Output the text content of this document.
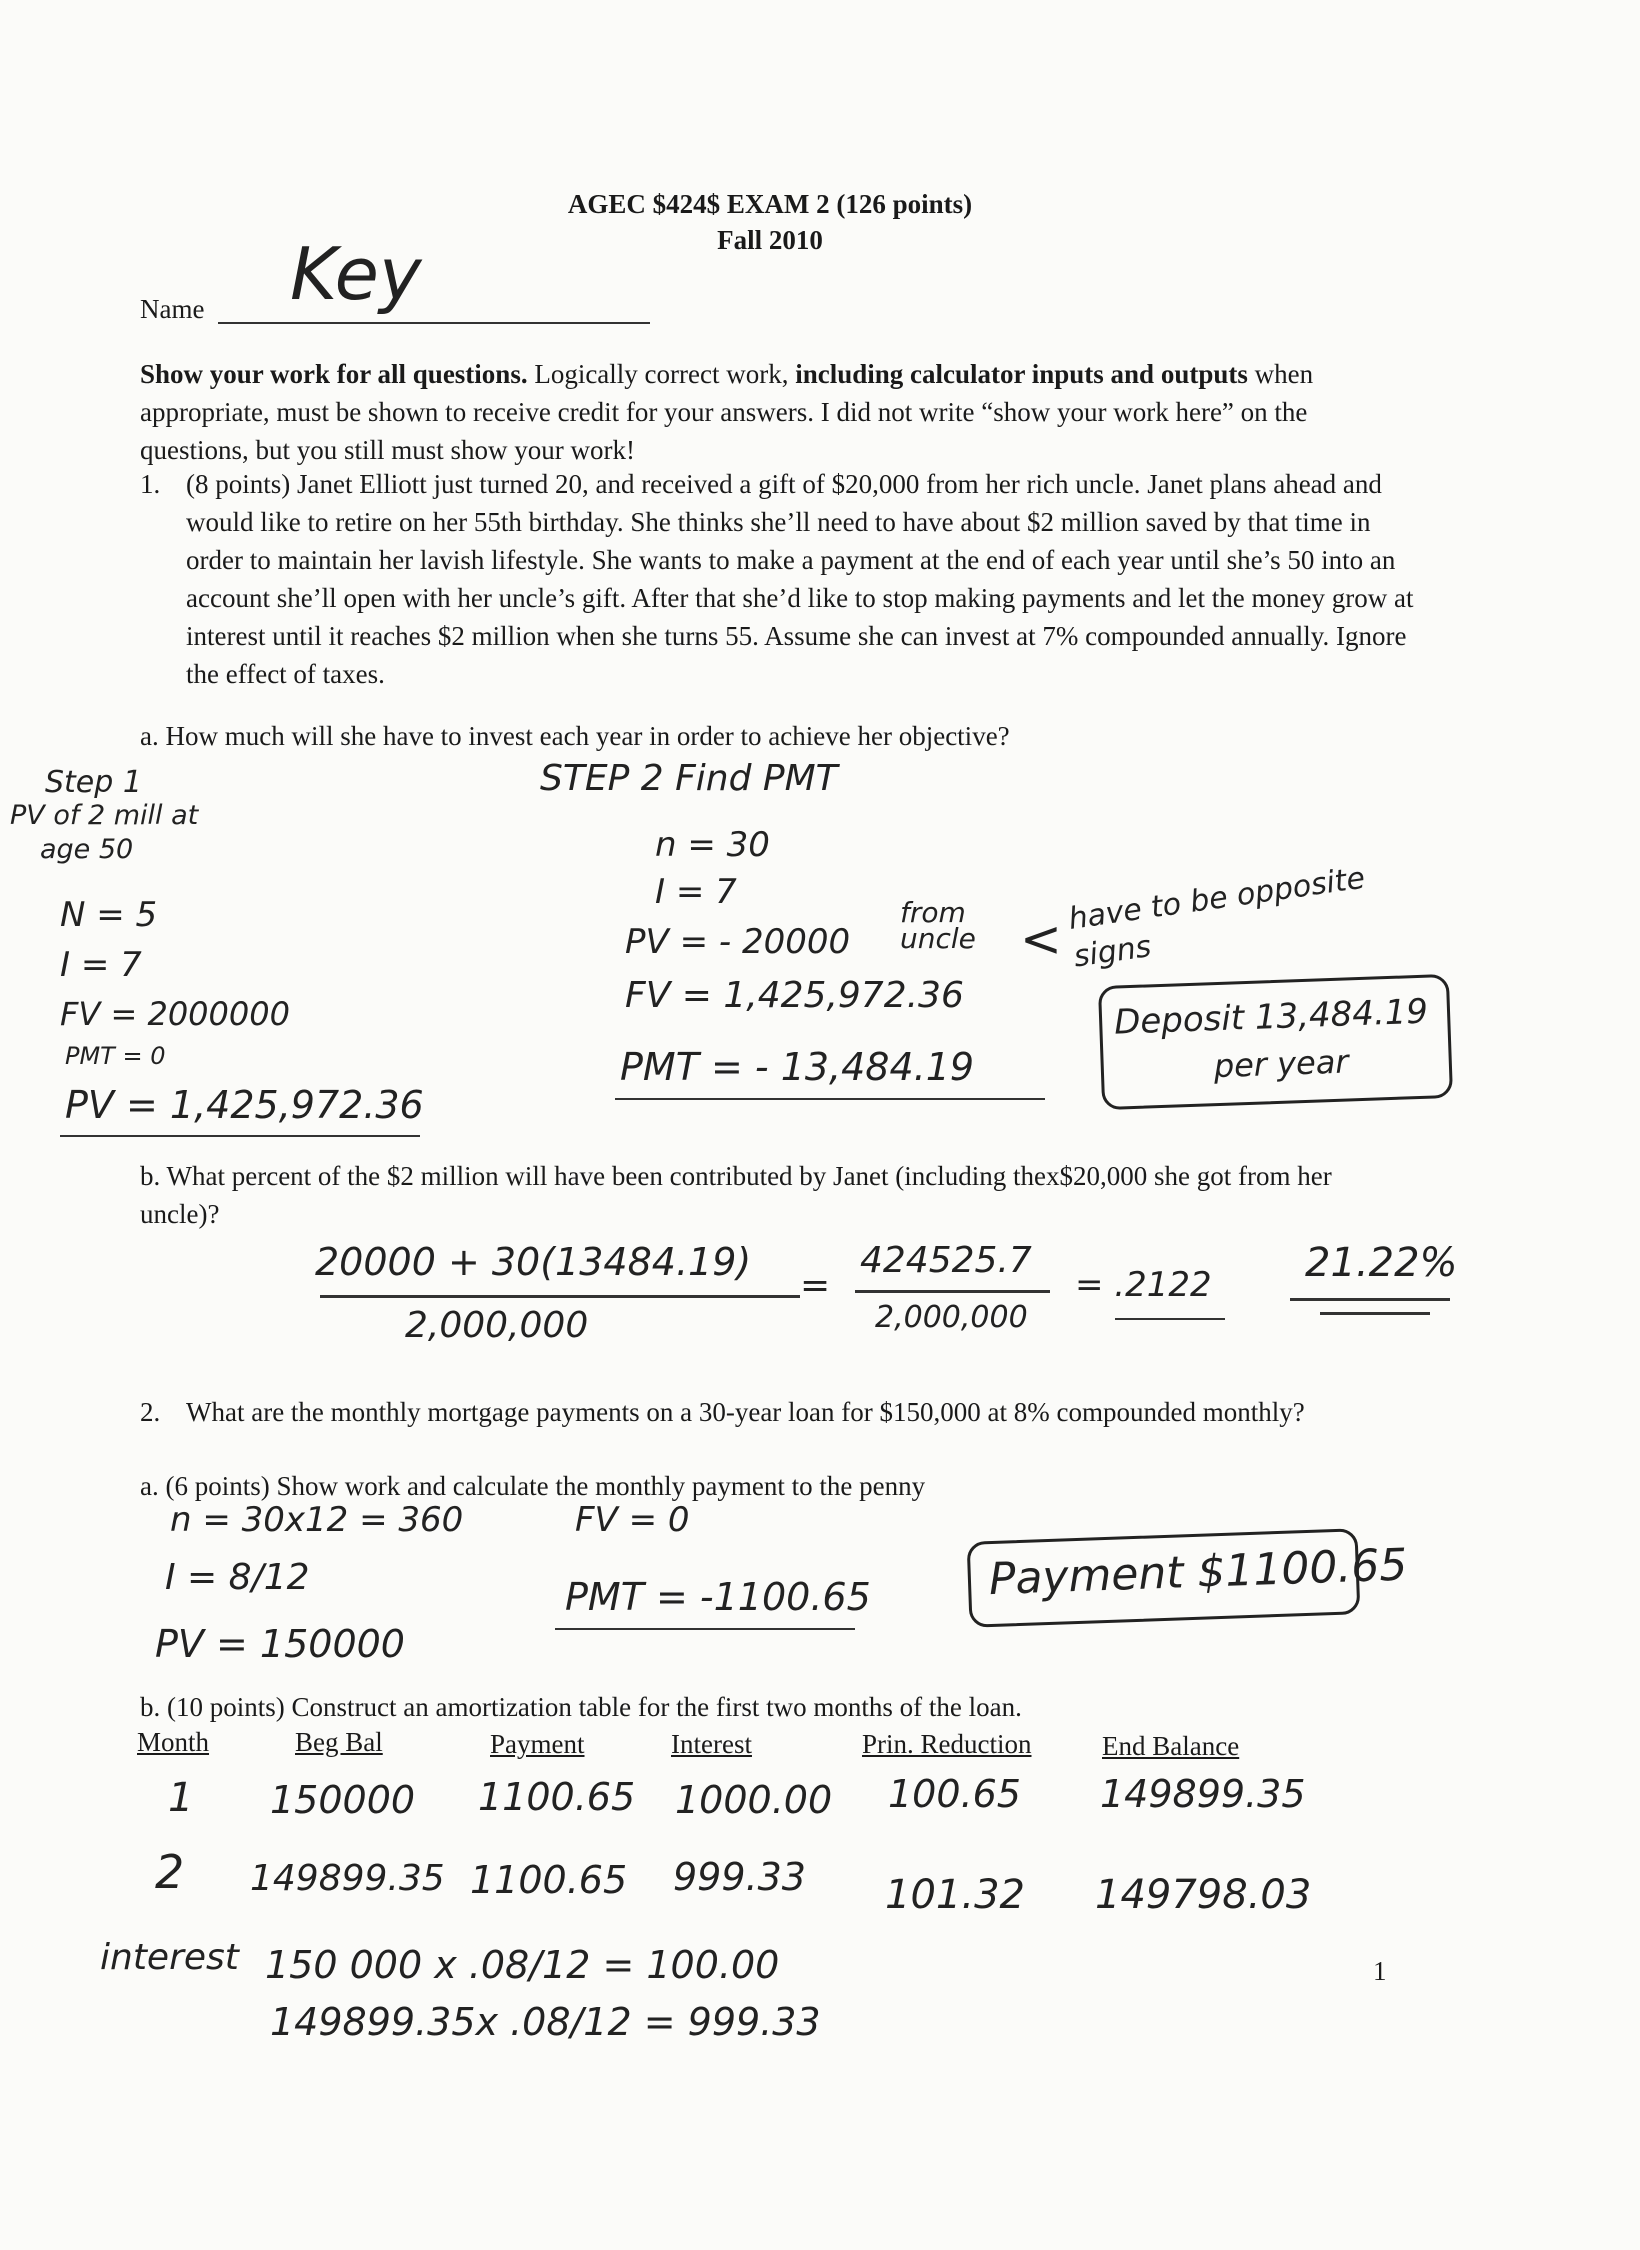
AGEC $424$ EXAM 2 (126 points)
Fall 2010
Name Key
Show your work for all questions. Logically correct work, including calculator inputs and outputs when appropriate, must be shown to receive credit for your answers. I did not write “show your work here” on the questions, but you still must show your work!
1. (8 points) Janet Elliott just turned 20, and received a gift of $20,000 from her rich uncle. Janet plans ahead and would like to retire on her 55th birthday. She thinks she’ll need to have about $2 million saved by that time in order to maintain her lavish lifestyle. She wants to make a payment at the end of each year until she’s 50 into an account she’ll open with her uncle’s gift. After that she’d like to stop making payments and let the money grow at interest until it reaches $2 million when she turns 55. Assume she can invest at 7% compounded annually. Ignore the effect of taxes.
a. How much will she have to invest each year in order to achieve her objective?
Step 1
PV of 2 mill at
age 50
N = 5
I = 7
FV = 2000000
PMT = 0
PV = 1,425,972.36
STEP 2 Find PMT
n = 30
I = 7
PV = - 20000
from uncle
FV = 1,425,972.36
PMT = - 13,484.19
<
have to be opposite signs
Deposit 13,484.19
per year
b. What percent of the $2 million will have been contributed by Janet (including thex$20,000 she got from her uncle)?
20000 + 30(13484.19)
2,000,000
=
424525.7
2,000,000
= .2122 21.22%
2. What are the monthly mortgage payments on a 30-year loan for $150,000 at 8% compounded monthly?
a. (6 points) Show work and calculate the monthly payment to the penny
n = 30x12 = 360
I = 8/12
PV = 150000
FV = 0
PMT = -1100.65	Payment $1100.65
b. (10 points) Construct an amortization table for the first two months of the loan.
Month	Beg Bal	Payment	Interest	Prin. Reduction	End Balance
1 150000 1100.65 1000.00 100.65 149899.35
2 149899.35 1100.65 999.33 101.32 149798.03
interest 150 000 x .08/12 = 100.00
149899.35x .08/12 = 999.33
1
